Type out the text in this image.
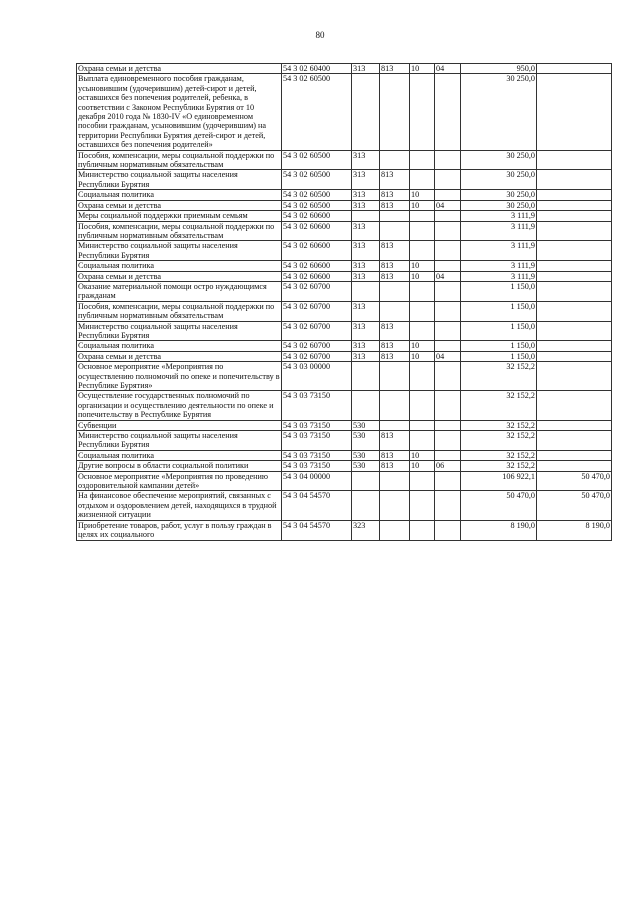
80
Охрана семьи и детства	54 3 02 60400	313	813	10	04	950,0	
Выплата единовременного пособия гражданам, усыновившим (удочерившим) детей-сирот и детей, оставшихся без попечения родителей, ребенка, в соответствии с Законом Республики Бурятия от 10 декабря 2010 года № 1830-IV «О единовременном пособии гражданам, усыновившим (удочерившим) на территории Республики Бурятия детей-сирот и детей, оставшихся без попечения родителей»	54 3 02 60500					30 250,0	
Пособия, компенсации, меры социальной поддержки по публичным нормативным обязательствам	54 3 02 60500	313				30 250,0	
Министерство социальной защиты населения Республики Бурятия	54 3 02 60500	313	813			30 250,0	
Социальная политика	54 3 02 60500	313	813	10		30 250,0	
Охрана семьи и детства	54 3 02 60500	313	813	10	04	30 250,0	
Меры социальной поддержки приемным семьям	54 3 02 60600					3 111,9	
Пособия, компенсации, меры социальной поддержки по публичным нормативным обязательствам	54 3 02 60600	313				3 111,9	
Министерство социальной защиты населения Республики Бурятия	54 3 02 60600	313	813			3 111,9	
Социальная политика	54 3 02 60600	313	813	10		3 111,9	
Охрана семьи и детства	54 3 02 60600	313	813	10	04	3 111,9	
Оказание материальной помощи остро нуждающимся гражданам	54 3 02 60700					1 150,0	
Пособия, компенсации, меры социальной поддержки по публичным нормативным обязательствам	54 3 02 60700	313				1 150,0	
Министерство социальной защиты населения Республики Бурятия	54 3 02 60700	313	813			1 150,0	
Социальная политика	54 3 02 60700	313	813	10		1 150,0	
Охрана семьи и детства	54 3 02 60700	313	813	10	04	1 150,0	
Основное мероприятие «Мероприятия по осуществлению полномочий по опеке и попечительству в Республике Бурятия»	54 3 03 00000					32 152,2	
Осуществление государственных полномочий по организации и осуществлению деятельности по опеке и попечительству в Республике Бурятия	54 3 03 73150					32 152,2	
Субвенции	54 3 03 73150	530				32 152,2	
Министерство социальной защиты населения Республики Бурятия	54 3 03 73150	530	813			32 152,2	
Социальная политика	54 3 03 73150	530	813	10		32 152,2	
Другие вопросы в области социальной политики	54 3 03 73150	530	813	10	06	32 152,2	
Основное мероприятие «Мероприятия по проведению оздоровительной кампании детей»	54 3 04 00000					106 922,1	50 470,0
На финансовое обеспечение мероприятий, связанных с отдыхом и оздоровлением детей, находящихся в трудной жизненной ситуации	54 3 04 54570					50 470,0	50 470,0
Приобретение товаров, работ, услуг в пользу граждан в целях их социального	54 3 04 54570	323				8 190,0	8 190,0
